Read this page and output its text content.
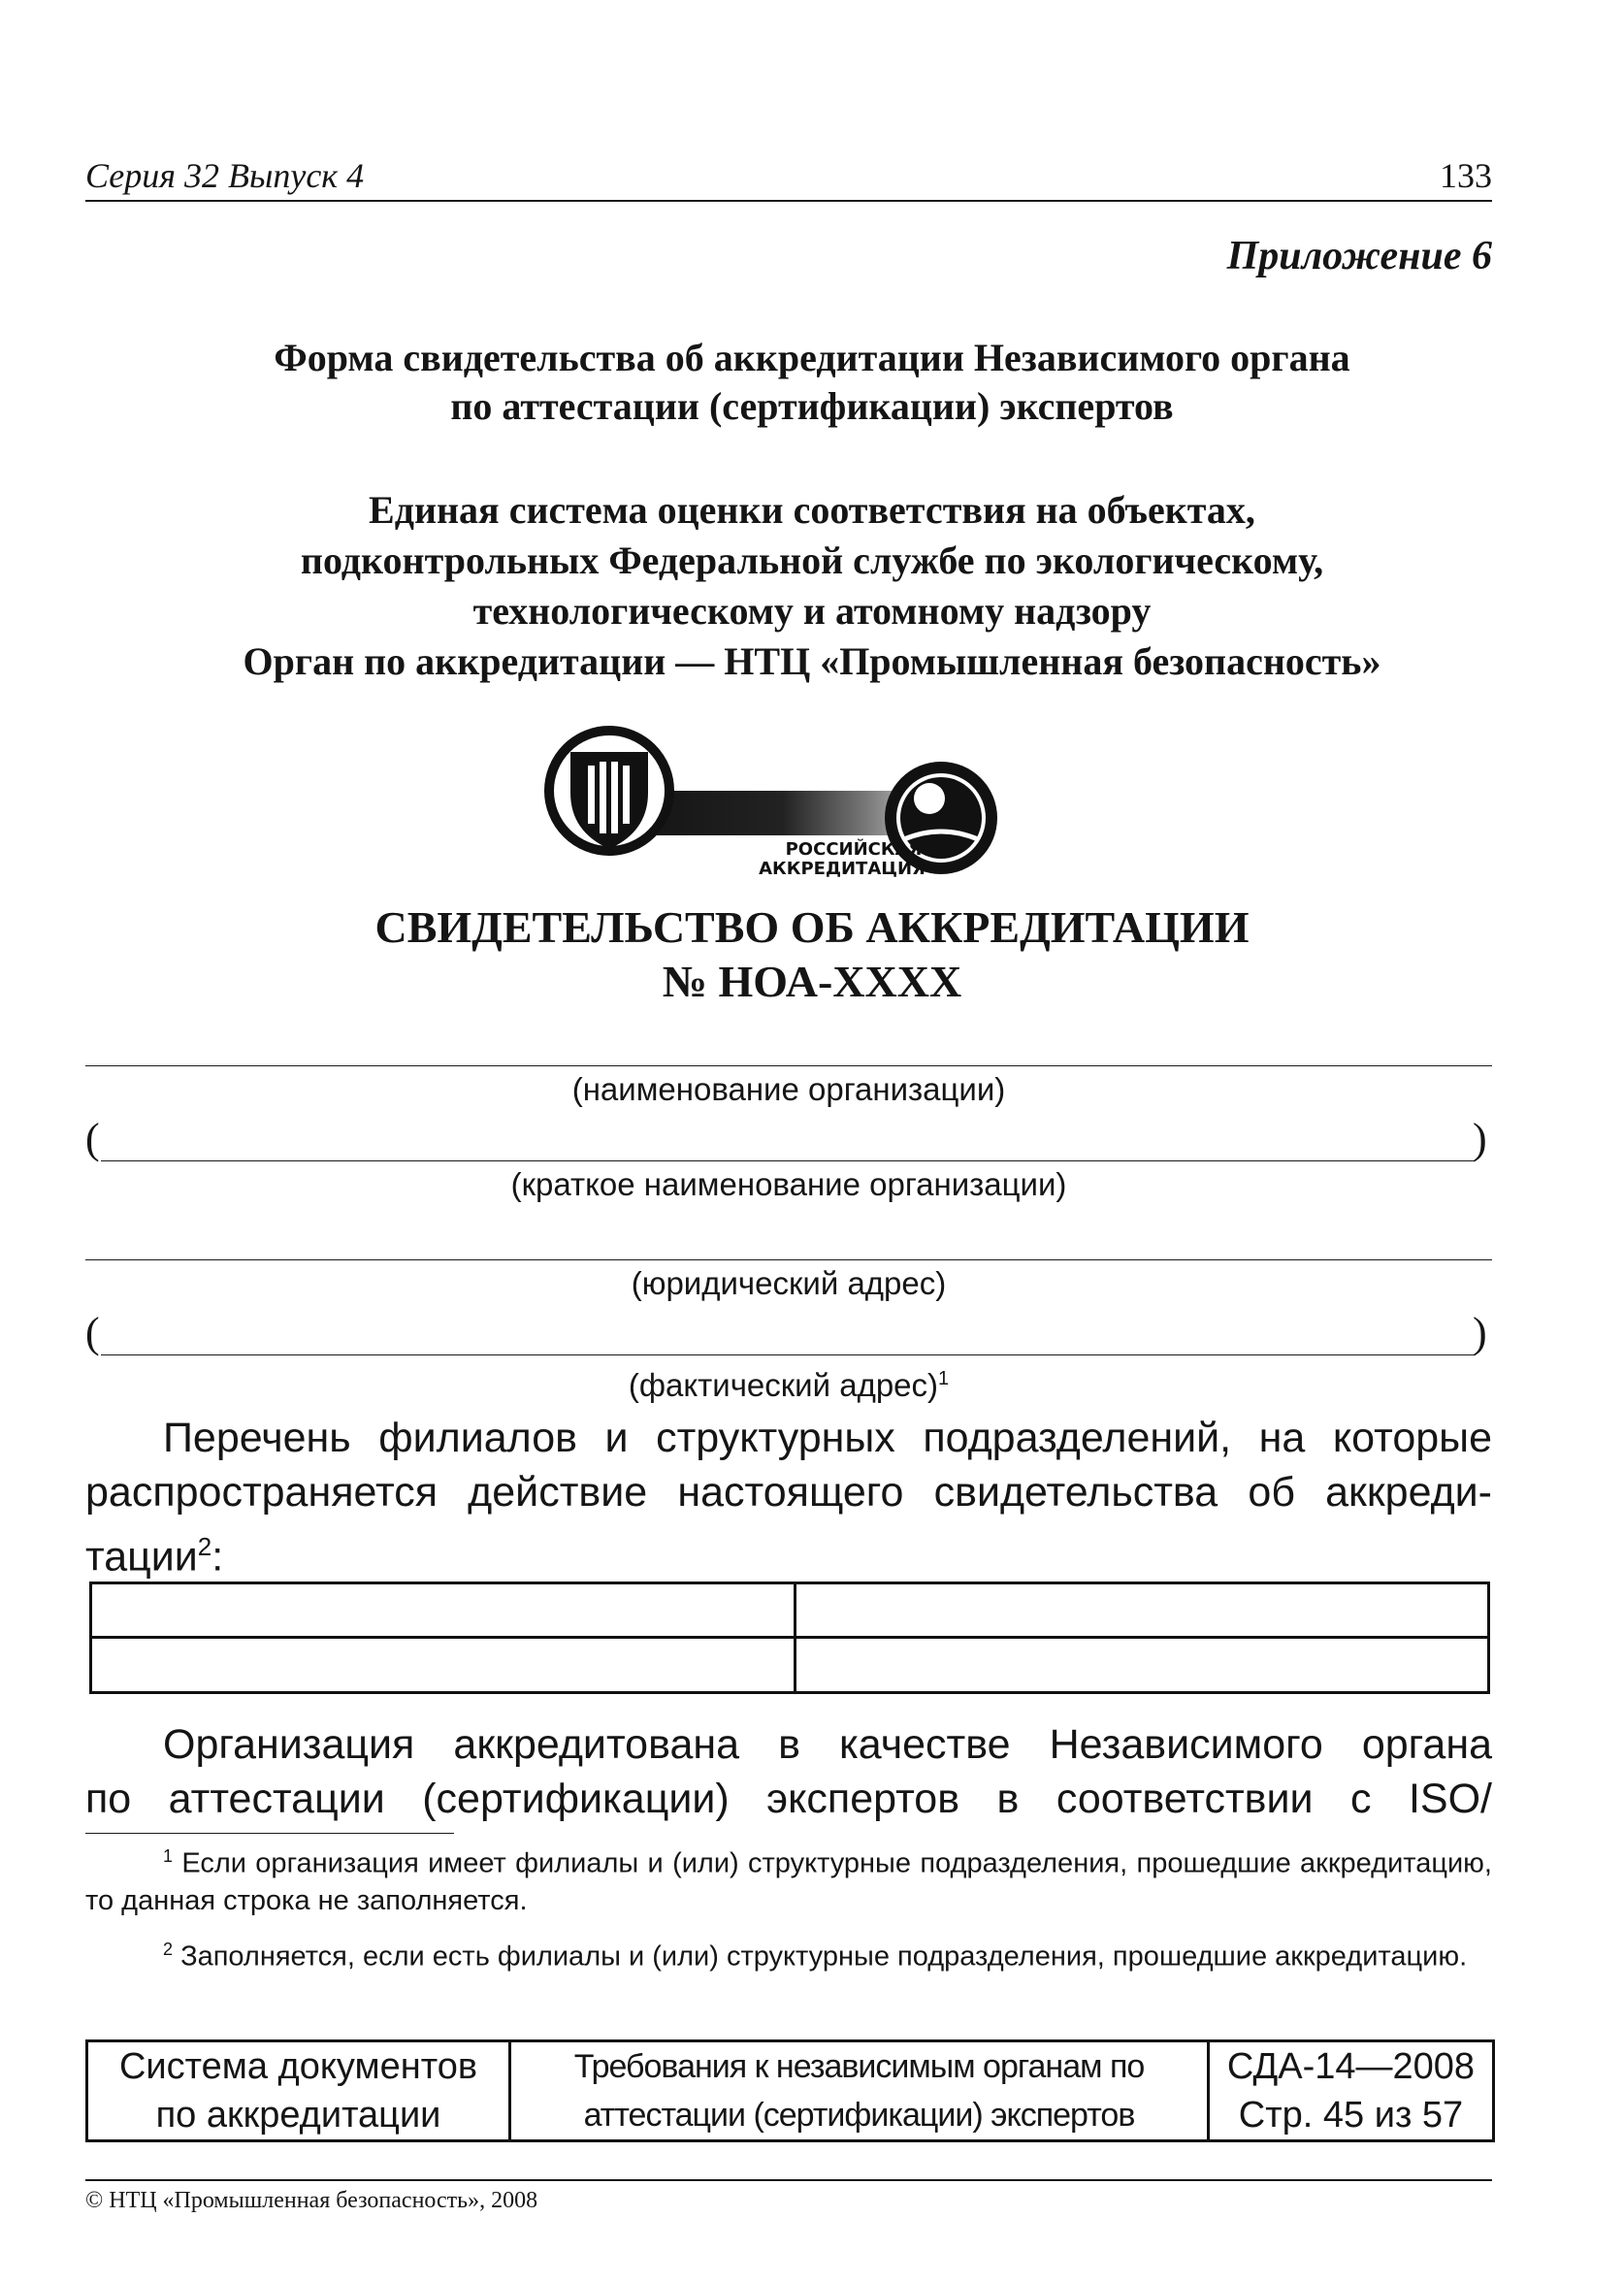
Серия 32 Выпуск 4	133
Приложение 6
Форма свидетельства об аккредитации Независимого органа
по аттестации (сертификации) экспертов
Единая система оценки соответствия на объектах,
подконтрольных Федеральной службе по экологическому,
технологическому и атомному надзору
Орган по аккредитации — НТЦ «Промышленная безопасность»
РОССИЙСКАЯ
АККРЕДИТАЦИЯ
СВИДЕТЕЛЬСТВО ОБ АККРЕДИТАЦИИ
№ НОА-XXXX
(наименование организации)
(	)
(краткое наименование организации)
(юридический адрес)
(	)
(фактический адрес)$^1$
Перечень филиалов и структурных подразделений, на которые
распространяется действие настоящего свидетельства об аккреди-
тации$^2$:
Организация аккредитована в качестве Независимого органа
по аттестации (сертификации) экспертов в соответствии с ISO/
$^1$ Если организация имеет филиалы и (или) структурные подразделения, прошедшие аккредитацию, то данная строка не заполняется.
$^2$ Заполняется, если есть филиалы и (или) структурные подразделения, прошедшие аккредитацию.
Система документов
по аккредитации

Требования к независимым органам по
аттестации (сертификации) экспертов

СДА-14—2008
Стр. 45 из 57
© НТЦ «Промышленная безопасность», 2008
